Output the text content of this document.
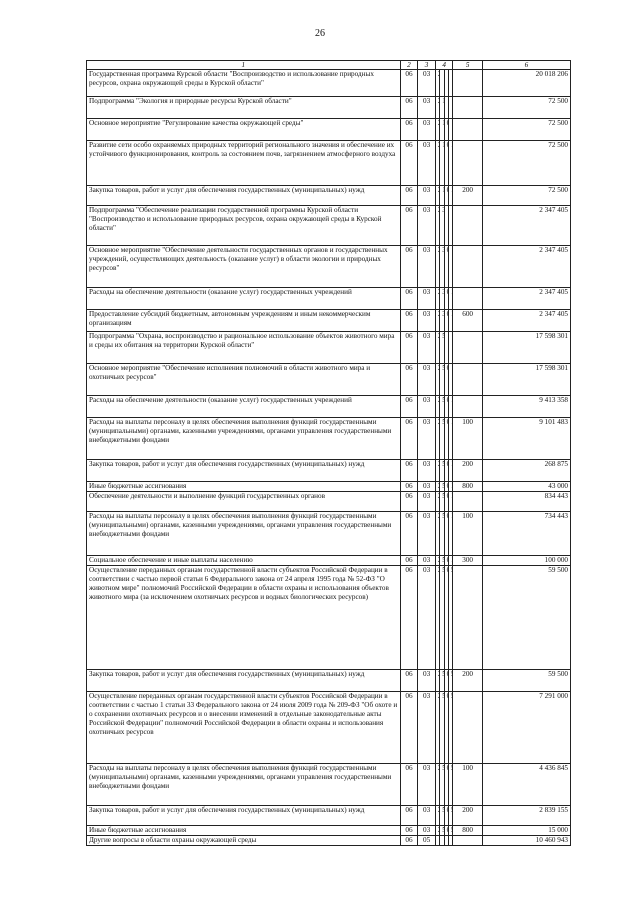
26
1	2	3	4				5	6
Государственная программа Курской области "Воспроизводство и использование природных ресурсов, охрана окружающей среды в Курской области"	06	03						20 018 206
Подпрограмма "Экология и природные ресурсы Курской области"	06	03						72 500
Основное мероприятие "Регулирование качества окружающей среды"	06	03						72 500
Развитие сети особо охраняемых природных территорий регионального значения и обеспечение их устойчивого функционирования, контроль за состоянием почв, загрязнением атмосферного воздуха	06	03						72 500
Закупка товаров, работ и услуг для обеспечения государственных (муниципальных) нужд	06	03					200	72 500
Подпрограмма "Обеспечение реализации государственной программы Курской области "Воспроизводство и использование природных ресурсов, охрана окружающей среды в Курской области"	06	03						2 347 405
Основное мероприятие "Обеспечение деятельности государственных органов и государственных учреждений, осуществляющих деятельность (оказание услуг) в области экологии и природных ресурсов"	06	03						2 347 405
Расходы на обеспечение деятельности (оказание услуг) государственных учреждений	06	03						2 347 405
Предоставление субсидий бюджетным, автономным учреждениям и иным некоммерческим организациям	06	03					600	2 347 405
Подпрограмма "Охрана, воспроизводство и рациональное использование объектов животного мира и среды их обитания на территории Курской области"	06	03						17 598 301
Основное мероприятие "Обеспечение исполнения полномочий в области животного мира и охотничьих ресурсов"	06	03						17 598 301
Расходы на обеспечение деятельности (оказание услуг) государственных учреждений	06	03						9 413 358
Расходы на выплаты персоналу в целях обеспечения выполнения функций государственными (муниципальными) органами, казенными учреждениями, органами управления государственными внебюджетными фондами	06	03					100	9 101 483
Закупка товаров, работ и услуг для обеспечения государственных (муниципальных) нужд	06	03					200	268 875
Иные бюджетные ассигнования	06	03					800	43 000
Обеспечение деятельности и выполнение функций государственных органов	06	03						834 443
Расходы на выплаты персоналу в целях обеспечения выполнения функций государственными (муниципальными) органами, казенными учреждениями, органами управления государственными внебюджетными фондами	06	03					100	734 443
Социальное обеспечение и иные выплаты населению	06	03					300	100 000
Осуществление переданных органам государственной власти субъектов Российской Федерации в соответствии с частью первой статьи 6 Федерального закона от 24 апреля 1995 года № 52-ФЗ "О животном мире" полномочий Российской Федерации в области охраны и использования объектов животного мира (за исключением охотничьих ресурсов и водных биологических ресурсов)	06	03						59 500
Закупка товаров, работ и услуг для обеспечения государственных (муниципальных) нужд	06	03					200	59 500
Осуществление переданных органам государственной власти субъектов Российской Федерации в соответствии с частью 1 статьи 33 Федерального закона от 24 июля 2009 года № 209-ФЗ "Об охоте и о сохранении охотничьих ресурсов и о внесении изменений в отдельные законодательные акты Российской Федерации" полномочий Российской Федерации в области охраны и использования охотничьих ресурсов	06	03						7 291 000
Расходы на выплаты персоналу в целях обеспечения выполнения функций государственными (муниципальными) органами, казенными учреждениями, органами управления государственными внебюджетными фондами	06	03					100	4 436 845
Закупка товаров, работ и услуг для обеспечения государственных (муниципальных) нужд	06	03					200	2 839 155
Иные бюджетные ассигнования	06	03					800	15 000
Другие вопросы в области охраны окружающей среды	06	05						10 460 943
